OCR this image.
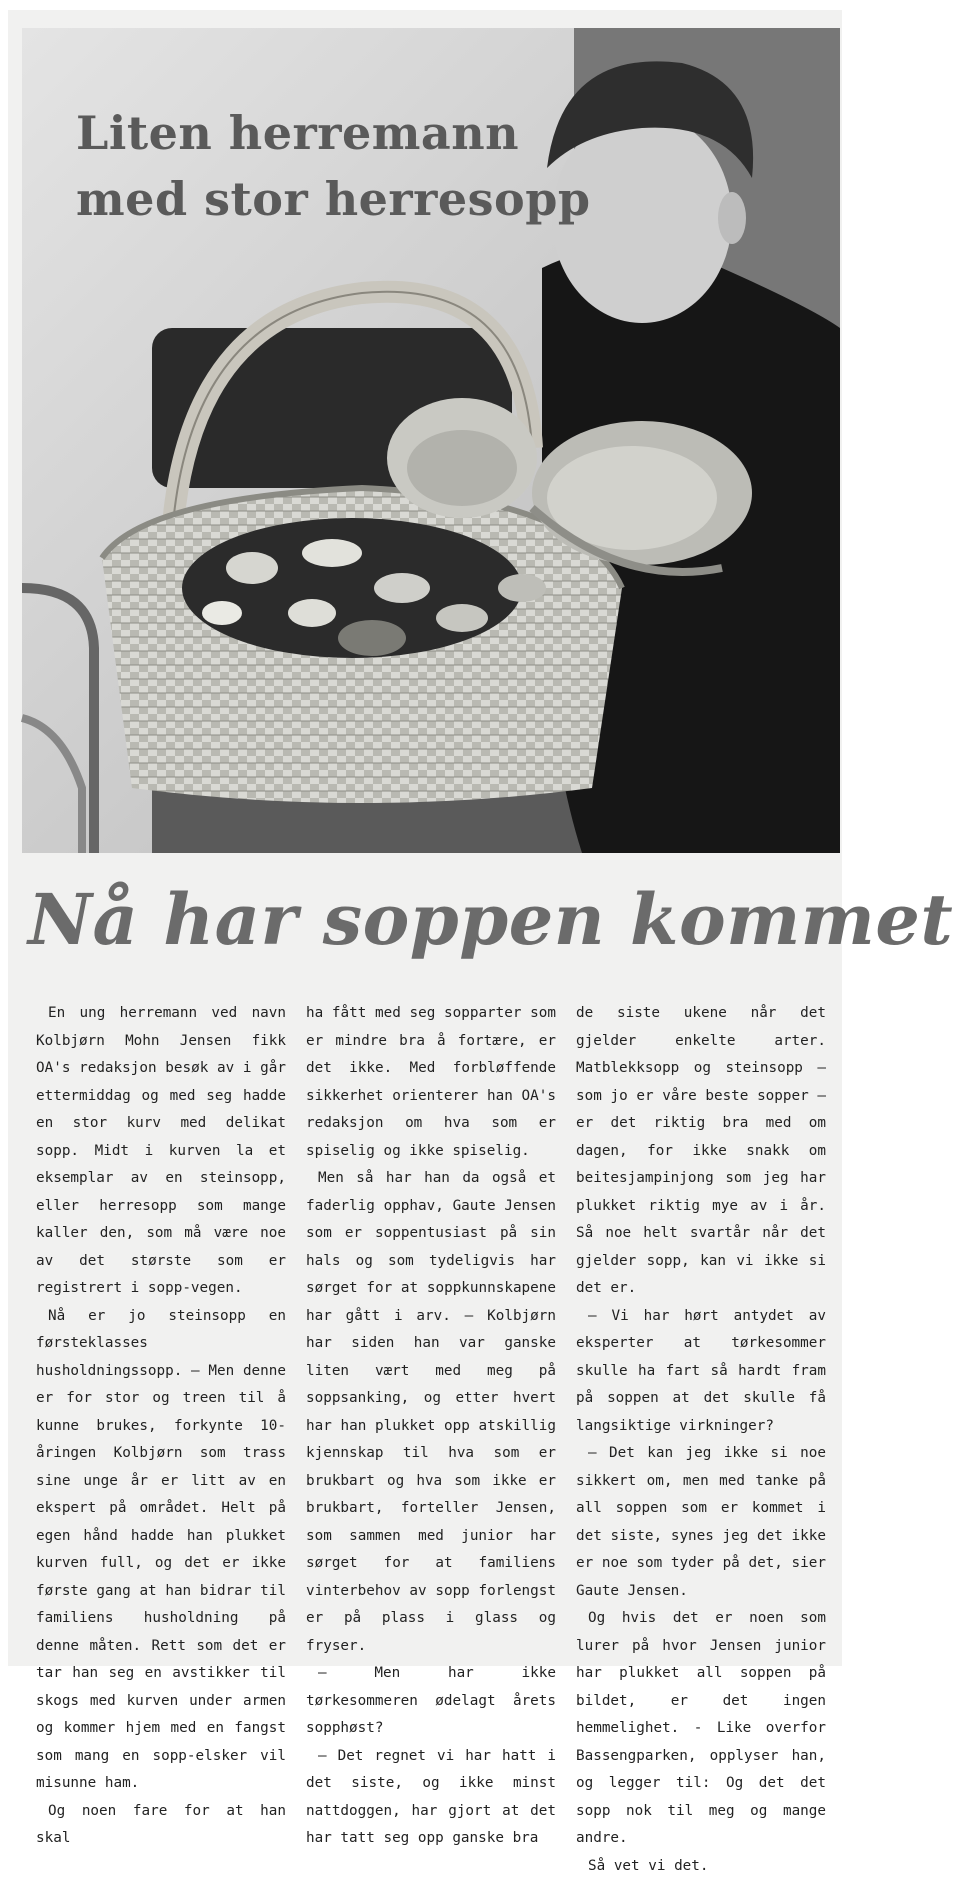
Liten herremann
med stor herresopp
Nå har soppen kommet

En ung herremann ved navn Kolbjørn Mohn Jensen fikk OA's redaksjon besøk av i går ettermiddag og med seg hadde en stor kurv med delikat sopp. Midt i kurven la et eksemplar av en steinsopp, eller herresopp som mange kaller den, som må være noe av det største som er registrert i sopp-vegen.

Nå er jo steinsopp en førsteklasses husholdningssopp. — Men denne er for stor og treen til å kunne brukes, forkynte 10-åringen Kolbjørn som trass sine unge år er litt av en ekspert på området. Helt på egen hånd hadde han plukket kurven full, og det er ikke første gang at han bidrar til familiens husholdning på denne måten. Rett som det er tar han seg en avstikker til skogs med kurven under armen og kommer hjem med en fangst som mang en sopp-elsker vil misunne ham.

Og noen fare for at han skal

ha fått med seg sopparter som er mindre bra å fortære, er det ikke. Med forbløffende sikkerhet orienterer han OA's redaksjon om hva som er spiselig og ikke spiselig.

Men så har han da også et faderlig opphav, Gaute Jensen som er soppentusiast på sin hals og som tydeligvis har sørget for at soppkunnskapene har gått i arv. — Kolbjørn har siden han var ganske liten vært med meg på soppsanking, og etter hvert har han plukket opp atskillig kjennskap til hva som er brukbart og hva som ikke er brukbart, forteller Jensen, som sammen med junior har sørget for at familiens vinterbehov av sopp forlengst er på plass i glass og fryser.

— Men har ikke tørkesommeren ødelagt årets sopphøst?

— Det regnet vi har hatt i det siste, og ikke minst nattdoggen, har gjort at det har tatt seg opp ganske bra

de siste ukene når det gjelder enkelte arter. Matblekksopp og steinsopp — som jo er våre beste sopper — er det riktig bra med om dagen, for ikke snakk om beitesjampinjong som jeg har plukket riktig mye av i år. Så noe helt svartår når det gjelder sopp, kan vi ikke si det er.

— Vi har hørt antydet av eksperter at tørkesommer skulle ha fart så hardt fram på soppen at det skulle få langsiktige virkninger?

— Det kan jeg ikke si noe sikkert om, men med tanke på all soppen som er kommet i det siste, synes jeg det ikke er noe som tyder på det, sier Gaute Jensen.

Og hvis det er noen som lurer på hvor Jensen junior har plukket all soppen på bildet, er det ingen hemmelighet. - Like overfor Bassengparken, opplyser han, og legger til: Og det det sopp nok til meg og mange andre.

Så vet vi det.
